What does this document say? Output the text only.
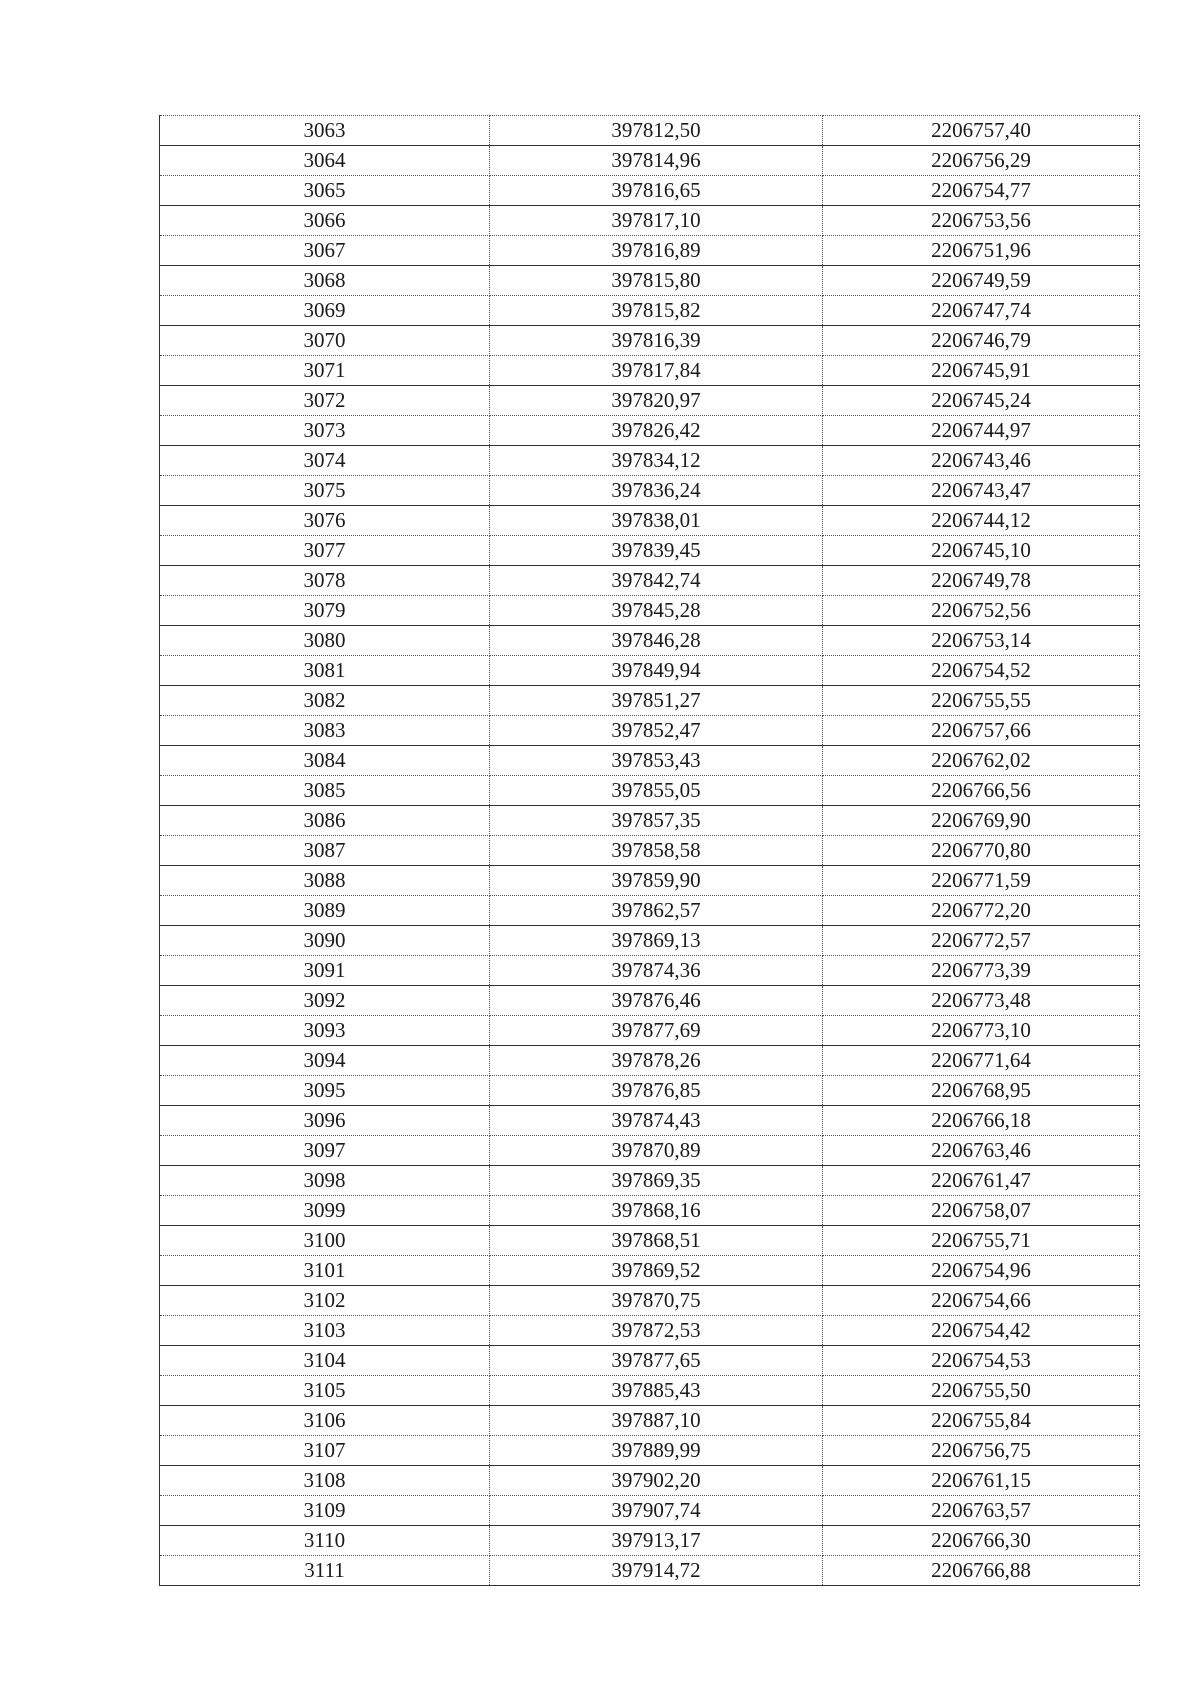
3063	397812,50	2206757,40
3064	397814,96	2206756,29
3065	397816,65	2206754,77
3066	397817,10	2206753,56
3067	397816,89	2206751,96
3068	397815,80	2206749,59
3069	397815,82	2206747,74
3070	397816,39	2206746,79
3071	397817,84	2206745,91
3072	397820,97	2206745,24
3073	397826,42	2206744,97
3074	397834,12	2206743,46
3075	397836,24	2206743,47
3076	397838,01	2206744,12
3077	397839,45	2206745,10
3078	397842,74	2206749,78
3079	397845,28	2206752,56
3080	397846,28	2206753,14
3081	397849,94	2206754,52
3082	397851,27	2206755,55
3083	397852,47	2206757,66
3084	397853,43	2206762,02
3085	397855,05	2206766,56
3086	397857,35	2206769,90
3087	397858,58	2206770,80
3088	397859,90	2206771,59
3089	397862,57	2206772,20
3090	397869,13	2206772,57
3091	397874,36	2206773,39
3092	397876,46	2206773,48
3093	397877,69	2206773,10
3094	397878,26	2206771,64
3095	397876,85	2206768,95
3096	397874,43	2206766,18
3097	397870,89	2206763,46
3098	397869,35	2206761,47
3099	397868,16	2206758,07
3100	397868,51	2206755,71
3101	397869,52	2206754,96
3102	397870,75	2206754,66
3103	397872,53	2206754,42
3104	397877,65	2206754,53
3105	397885,43	2206755,50
3106	397887,10	2206755,84
3107	397889,99	2206756,75
3108	397902,20	2206761,15
3109	397907,74	2206763,57
3110	397913,17	2206766,30
3111	397914,72	2206766,88
